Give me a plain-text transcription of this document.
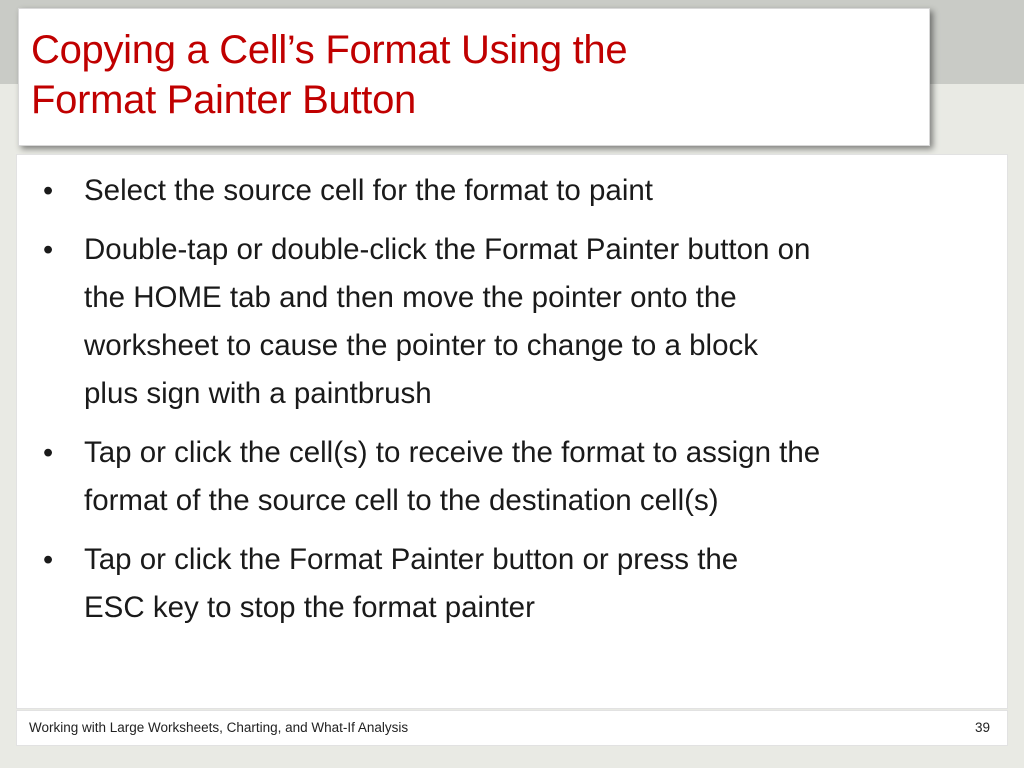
Copying a Cell’s Format Using the
Format Painter Button
•	Select the source cell for the format to paint
•	Double-tap or double-click the Format Painter button on
the HOME tab and then move the pointer onto the
worksheet to cause the pointer to change to a block
plus sign with a paintbrush
•	Tap or click the cell(s) to receive the format to assign the
format of the source cell to the destination cell(s)
•	Tap or click the Format Painter button or press the
ESC key to stop the format painter
Working with Large Worksheets, Charting, and What-If Analysis	39
